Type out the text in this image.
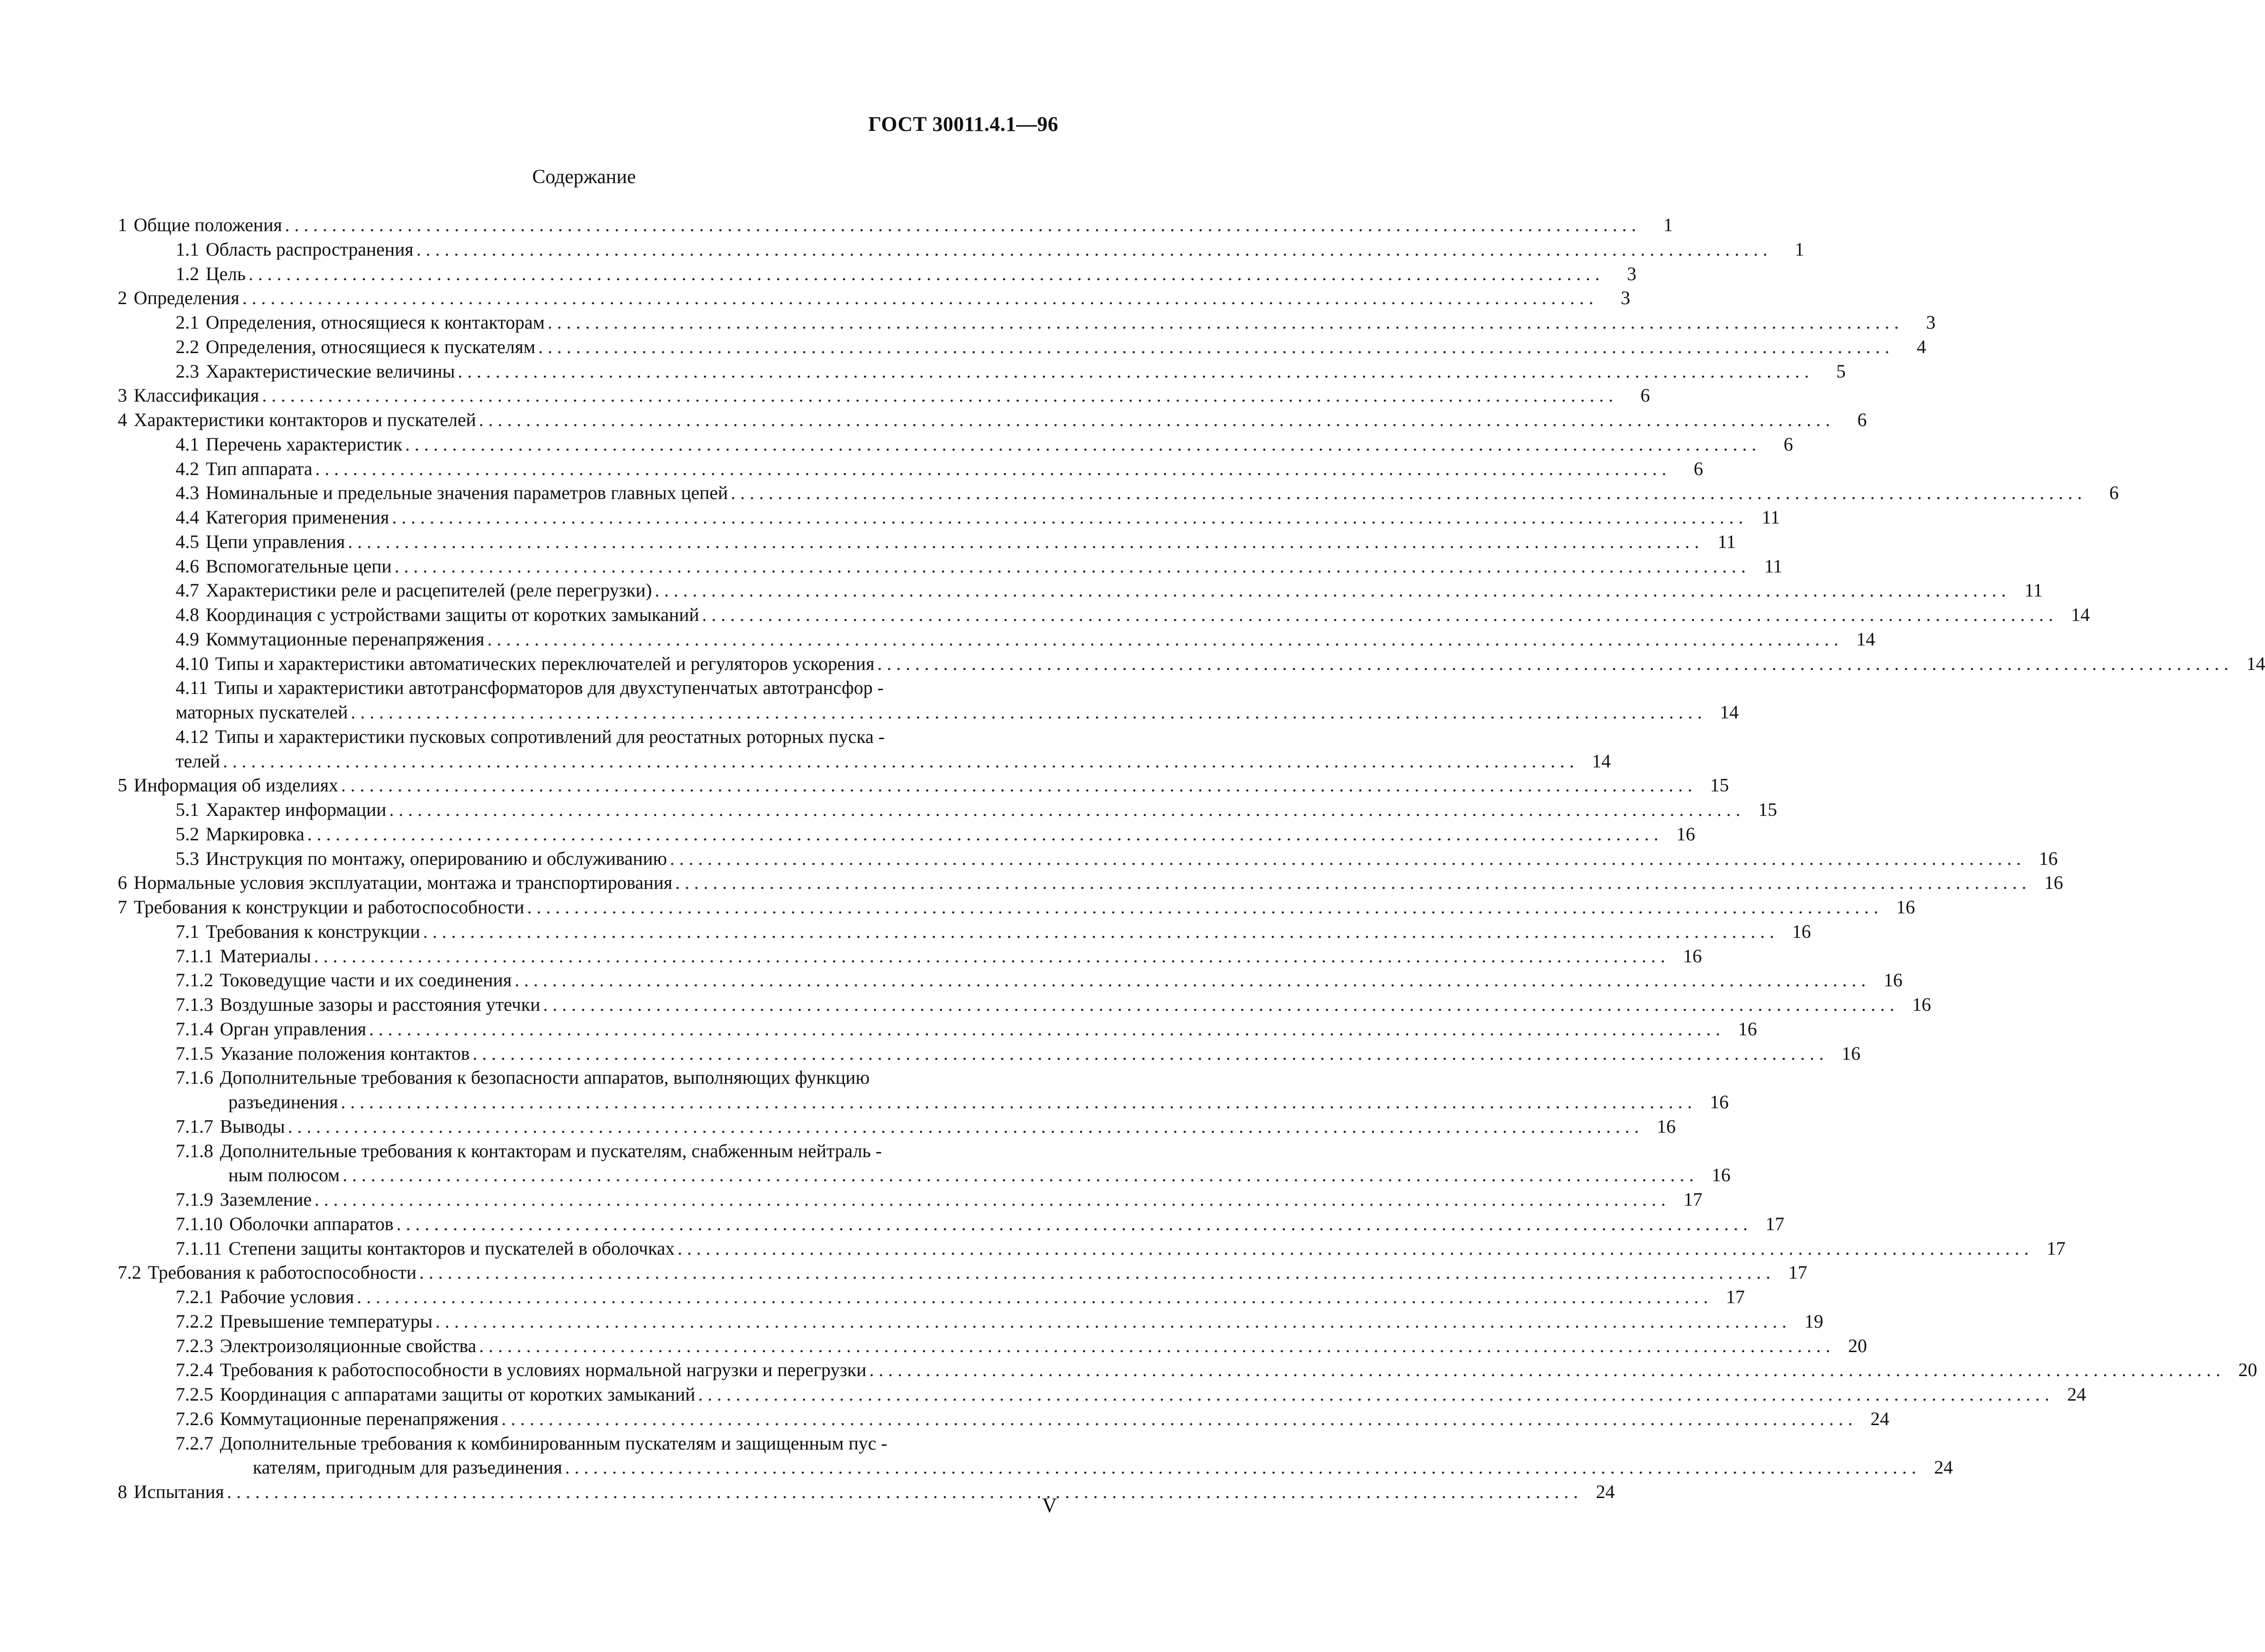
ГОСТ 30011.4.1—96
Содержание
1 Общие положения . . .	1
1.1 Область распространения . . .	1
1.2 Цель . . .	3
2 Определения . . .	3
2.1 Определения, относящиеся к контакторам . . .	3
2.2 Определения, относящиеся к пускателям . . .	4
2.3 Характеристические величины . . .	5
3 Классификация . . .	6
4 Характеристики контакторов и пускателей . . .	6
4.1 Перечень характеристик . . .	6
4.2 Тип аппарата . . .	6
4.3 Номинальные и предельные значения параметров главных цепей . . .	6
4.4 Категория применения . . .	11
4.5 Цепи управления . . .	11
4.6 Вспомогательные цепи . . .	11
4.7 Характеристики реле и расцепителей (реле перегрузки) . . .	11
4.8 Координация с устройствами защиты от коротких замыканий . . .	14
4.9 Коммутационные перенапряжения . . .	14
4.10 Типы и характеристики автоматических переключателей и регуляторов ускорения . . .	14
4.11 Типы и характеристики автотрансформаторов для двухступенчатых автотрансфор -
маторных пускателей . . .	14
4.12 Типы и характеристики пусковых сопротивлений для реостатных роторных пуска -
телей . . .	14
5 Информация об изделиях . . .	15
5.1 Характер информации . . .	15
5.2 Маркировка . . .	16
5.3 Инструкция по монтажу, оперированию и обслуживанию . . .	16
6 Нормальные условия эксплуатации, монтажа и транспортирования . . .	16
7 Требования к конструкции и работоспособности . . .	16
7.1 Требования к конструкции . . .	16
7.1.1 Материалы . . .	16
7.1.2 Токоведущие части и их соединения . . .	16
7.1.3 Воздушные зазоры и расстояния утечки . . .	16
7.1.4 Орган управления . . .	16
7.1.5 Указание положения контактов . . .	16
7.1.6 Дополнительные требования к безопасности аппаратов, выполняющих функцию
разъединения . . .	16
7.1.7 Выводы . . .	16
7.1.8 Дополнительные требования к контакторам и пускателям, снабженным нейтраль -
ным полюсом . . .	16
7.1.9 Заземление . . .	17
7.1.10 Оболочки аппаратов . . .	17
7.1.11 Степени защиты контакторов и пускателей в оболочках . . .	17
7.2 Требования к работоспособности . . .	17
7.2.1 Рабочие условия . . .	17
7.2.2 Превышение температуры . . .	19
7.2.3 Электроизоляционные свойства . . .	20
7.2.4 Требования к работоспособности в условиях нормальной нагрузки и перегрузки . . .	20
7.2.5 Координация с аппаратами защиты от коротких замыканий . . .	24
7.2.6 Коммутационные перенапряжения . . .	24
7.2.7 Дополнительные требования к комбинированным пускателям и защищенным пус -
кателям, пригодным для разъединения . . .	24
8 Испытания . . .	24
V
